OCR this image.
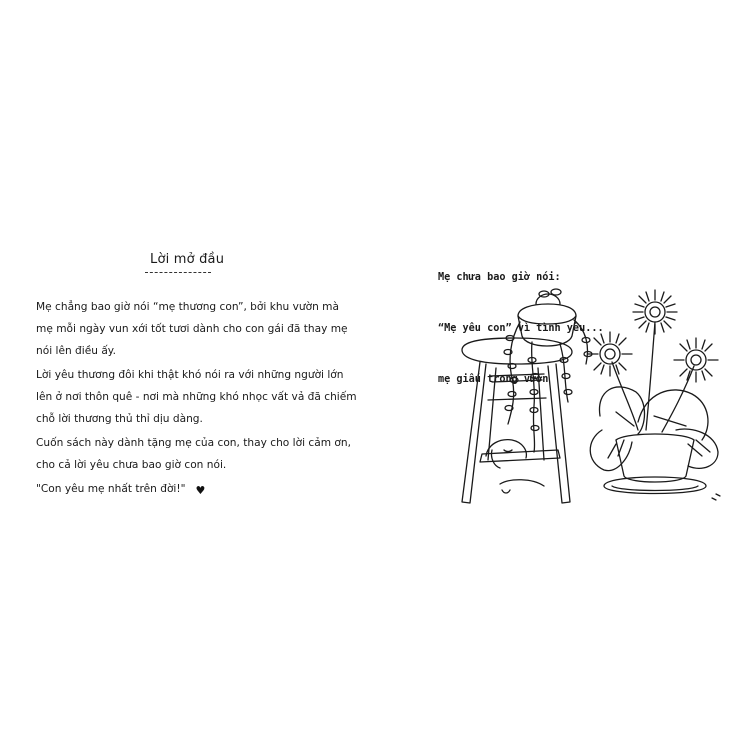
Lời mở đầu

Mẹ chẳng bao giờ nói “mẹ thương con”, bởi khu vườn mà mẹ mỗi ngày vun xới tốt tươi dành cho con gái đã thay mẹ nói lên điều ấy.

Lời yêu thương đôi khi thật khó nói ra với những người lớn lên ở nơi thôn quê - nơi mà những khó nhọc vất vả đã chiếm chỗ lời thương thủ thỉ dịu dàng.

Cuốn sách này dành tặng mẹ của con, thay cho lời cảm ơn, cho cả lời yêu chưa bao giờ con nói.

"Con yêu mẹ nhất trên đời!" ♥

Mẹ chưa bao giờ nói:

“Mẹ yêu con” vì tình yêu...

mẹ giấu trong vườn
